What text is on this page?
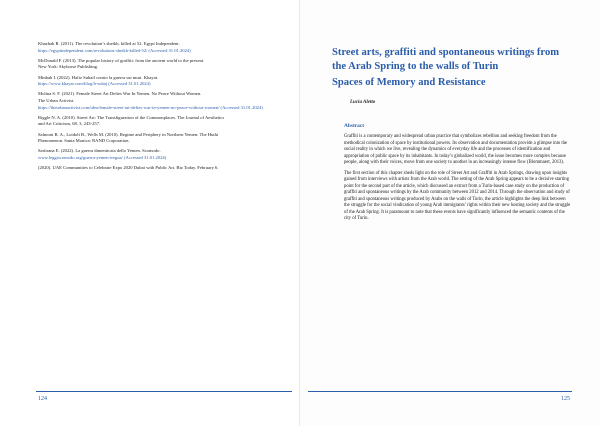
Khazbak R. (2011). The revolution’s sheikh, killed at 52. Egypt Independent.
https://egyptindependent.com/revolutions-sheikh-killed-52/ (Accessed 31.01.2024)
McDonald F. (2013). The popular history of graffiti: from the ancient world to the present.
New York: Skyhorse Publishing.
Minbah I. (2022). Hafiz Suhail contro la guerra sui muri. Khayat.
https://www.khayat.com/blog/h-suhaj (Accessed 31.01.2024)
Molina S. F. (2021). Female Street Art Defies War In Yemen. No Peace Without Women.
The Urban Activist.
https://theurbanactivist.com/idea/female-street-art-defies-war-in-yemen-no-peace-without-women/ (Accessed 31.01.2024)
Riggle N. A. (2010). Street Art: The Transfiguration of the Commonplaces. The Journal of Aesthetics
and Art Criticism, 68, 3, 243-257.
Salmoni B. A., Loidolt B., Wells M. (2010). Regime and Periphery in Northern Yemen: The Huthi
Phenomenon. Santa Monica: RAND Corporation.
Sartirana E. (2022). La guerra dimenticata dello Yemen. Scomodo.
www.leggiscomodo.org/guerra-yemen-tregua/ (Accessed 31.01.2024)
(2020). UAE Communities to Celebrate Expo 2020 Dubai with Public Art. Biz Today. February 6.
124
Street arts, graffiti and spontaneous writings from the Arab Spring to the walls of Turin
Spaces of Memory and Resistance
Lucia Aletto
Abstract

Graffiti is a contemporary and widespread urban practice that symbolizes rebellion and seeking freedom from the methodical colonization of space by institutional powers. Its observation and documentation provide a glimpse into the social reality in which we live, revealing the dynamics of everyday life and the processes of identification and appropriation of public space by its inhabitants. In today’s globalized world, the issue becomes more complex because people, along with their voices, move from one society to another in an increasingly intense flow (Blommaert, 2013).

The first section of this chapter sheds light on the role of Street Art and Graffiti in Arab Springs, drawing upon insights gained from interviews with artists from the Arab world. The setting of the Arab Spring appears to be a decisive starting point for the second part of the article, which discussed an extract from a Turin-based case study on the production of graffiti and spontaneous writings by the Arab community between 2012 and 2014. Through the observation and study of graffiti and spontaneous writings produced by Arabs on the walls of Turin, the article highlights the deep link between the struggle for the social vindication of young Arab immigrants’ rights within their new hosting society and the struggle of the Arab Spring. It is paramount to note that these events have significantly influenced the semantic contents of the city of Turin.

125
